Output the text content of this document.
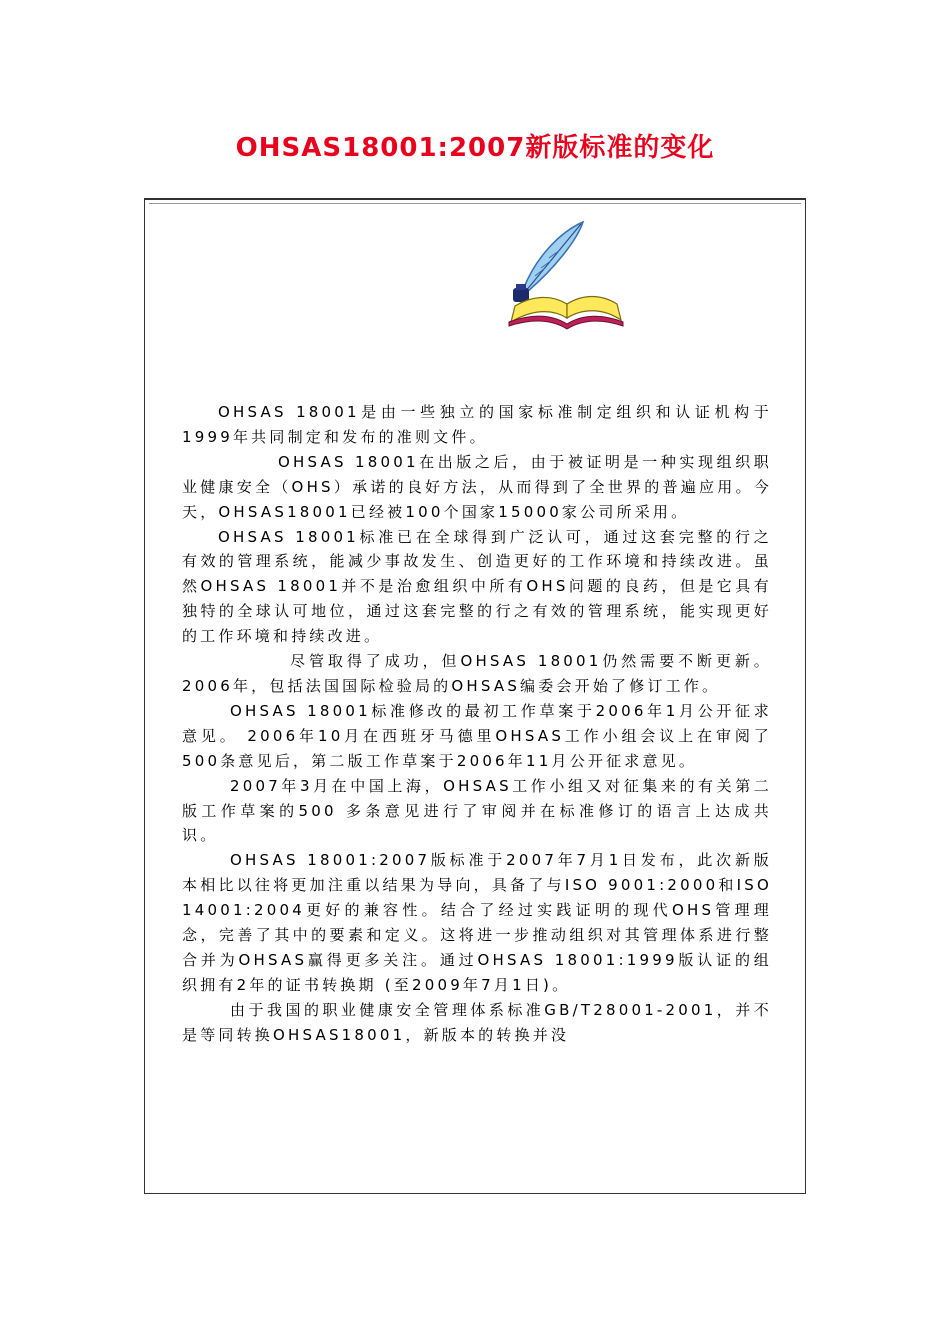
OHSAS18001:2007新版标准的变化

OHSAS 18001是由一些独立的国家标准制定组织和认证机构于1999年共同制定和发布的准则文件。

OHSAS 18001在出版之后，由于被证明是一种实现组织职业健康安全（OHS）承诺的良好方法，从而得到了全世界的普遍应用。今天，OHSAS18001已经被100个国家15000家公司所采用。

OHSAS 18001标准已在全球得到广泛认可，通过这套完整的行之有效的管理系统，能减少事故发生、创造更好的工作环境和持续改进。虽然OHSAS 18001并不是治愈组织中所有OHS问题的良药，但是它具有独特的全球认可地位，通过这套完整的行之有效的管理系统，能实现更好的工作环境和持续改进。

尽管取得了成功，但OHSAS 18001仍然需要不断更新。2006年，包括法国国际检验局的OHSAS编委会开始了修订工作。

OHSAS 18001标准修改的最初工作草案于2006年1月公开征求意见。 2006年10月在西班牙马德里OHSAS工作小组会议上在审阅了500条意见后，第二版工作草案于2006年11月公开征求意见。

2007年3月在中国上海，OHSAS工作小组又对征集来的有关第二版工作草案的500 多条意见进行了审阅并在标准修订的语言上达成共识。

OHSAS 18001:2007版标准于2007年7月1日发布，此次新版本相比以往将更加注重以结果为导向，具备了与ISO 9001:2000和ISO 14001:2004更好的兼容性。结合了经过实践证明的现代OHS管理理念，完善了其中的要素和定义。这将进一步推动组织对其管理体系进行整合并为OHSAS赢得更多关注。通过OHSAS 18001:1999版认证的组织拥有2年的证书转换期 (至2009年7月1日)。

由于我国的职业健康安全管理体系标准GB/T28001-2001，并不是等同转换OHSAS18001，新版本的转换并没
